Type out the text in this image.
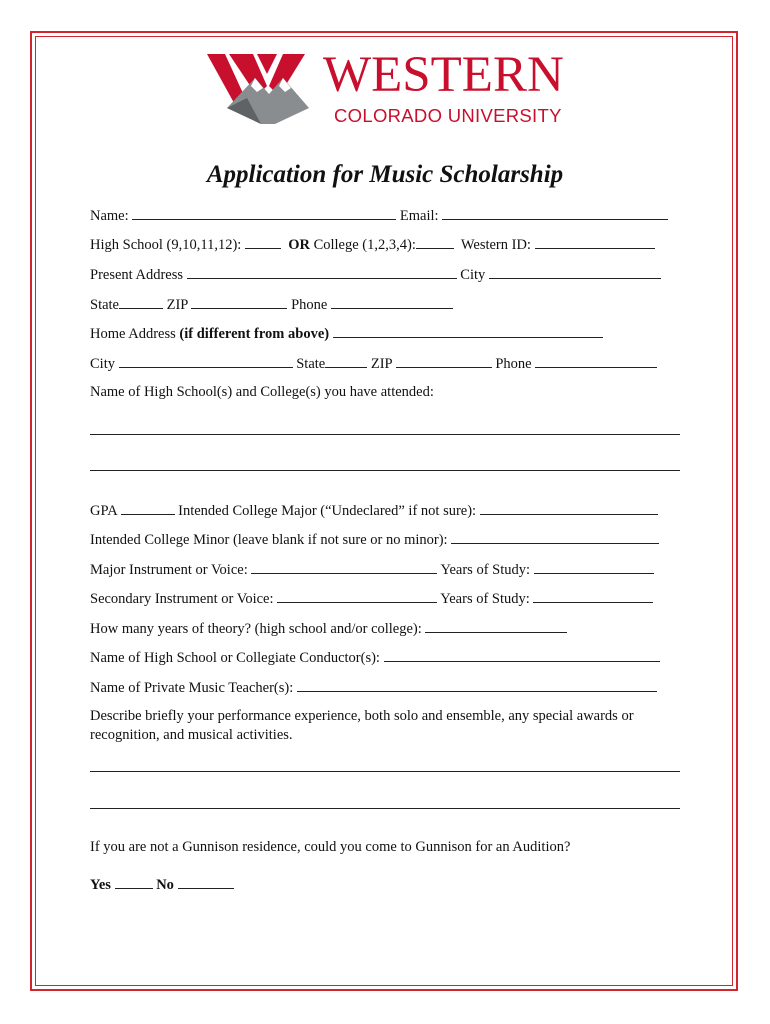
WESTERN
COLORADO UNIVERSITY
Application for Music Scholarship
Name:	Email:
High School (9,10,11,12):	OR College (1,2,3,4):	Western ID:
Present Address	City
State	ZIP	Phone
Home Address (if different from above)
City	State	ZIP	Phone
Name of High School(s) and College(s) you have attended:
GPA	Intended College Major (“Undeclared” if not sure):
Intended College Minor (leave blank if not sure or no minor):
Major Instrument or Voice:	Years of Study:
Secondary Instrument or Voice:	Years of Study:
How many years of theory? (high school and/or college):
Name of High School or Collegiate Conductor(s):
Name of Private Music Teacher(s):
Describe briefly your performance experience, both solo and ensemble, any special awards or
recognition, and musical activities.
If you are not a Gunnison residence, could you come to Gunnison for an Audition?
Yes	No
